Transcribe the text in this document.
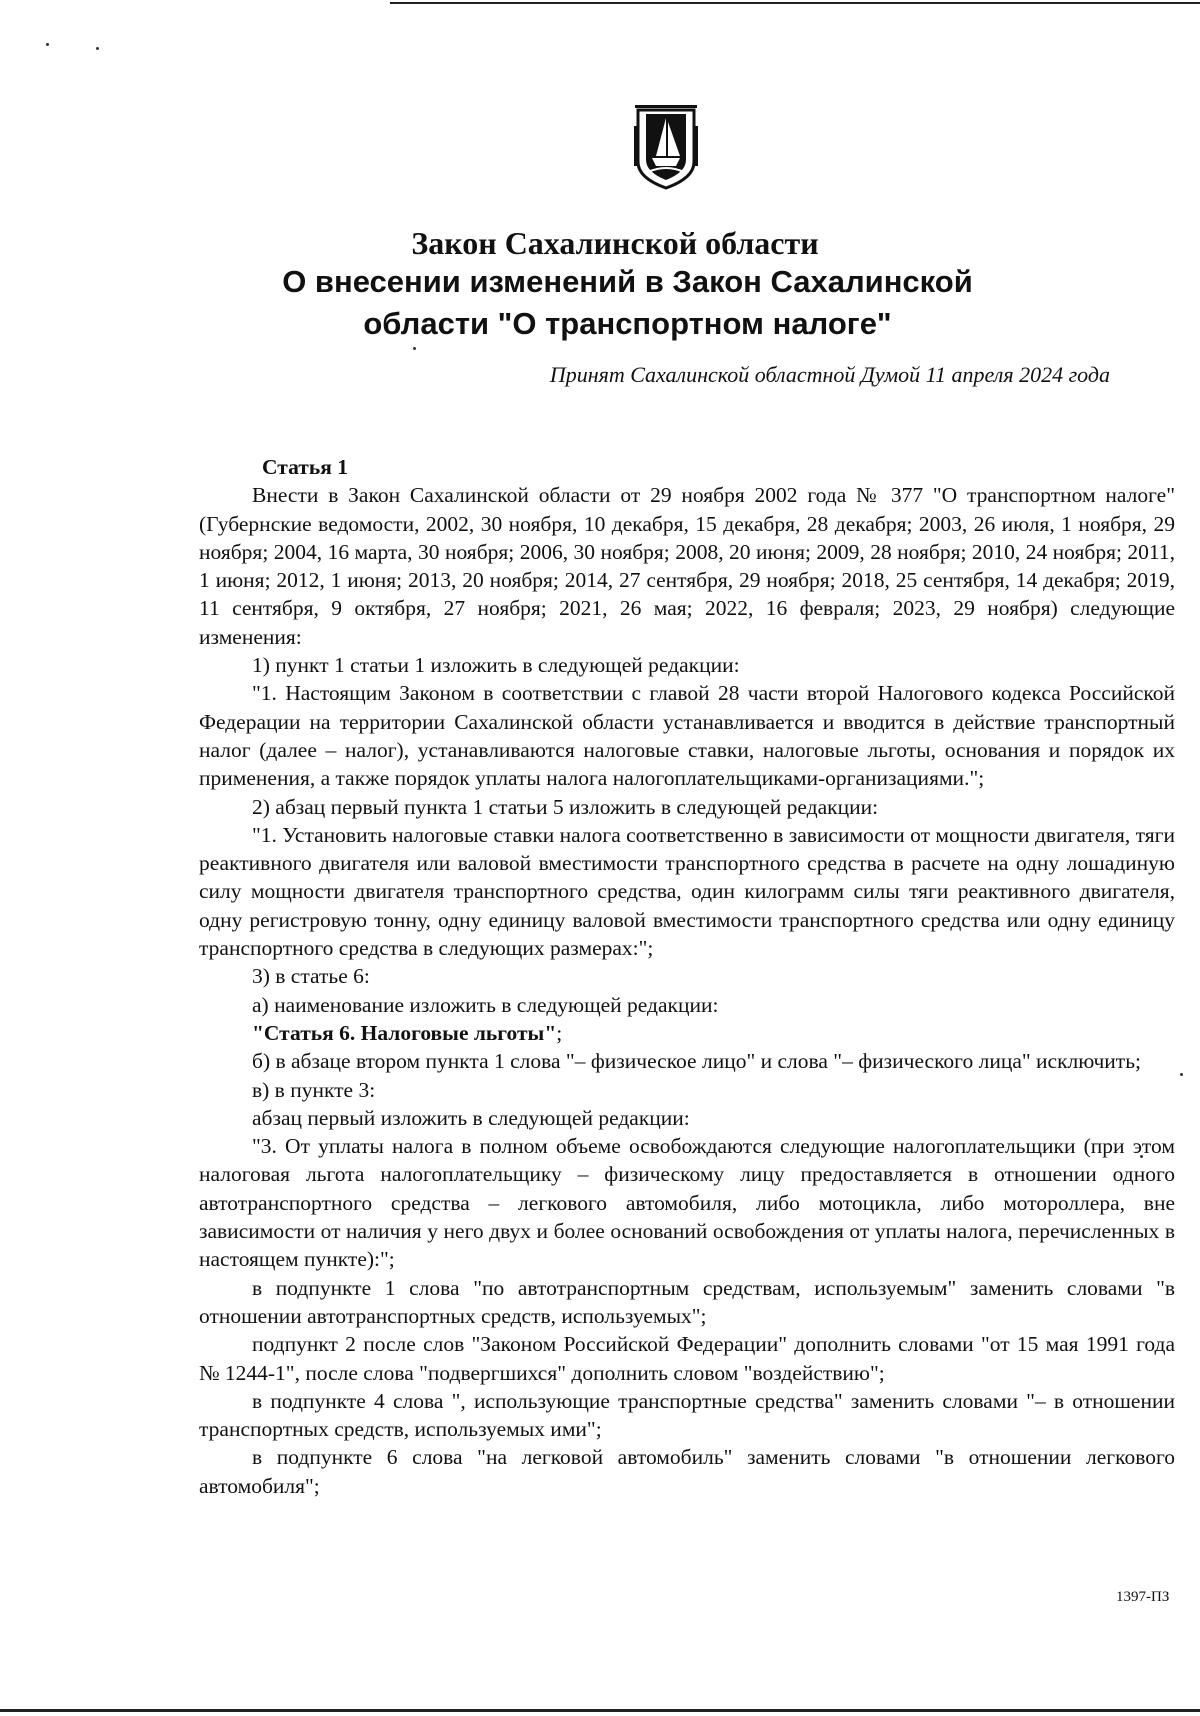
Закон Сахалинской области
О внесении изменений в Закон Сахалинской
области "О транспортном налоге"
Принят Сахалинской областной Думой 11 апреля 2024 года

Статья 1

Внести в Закон Сахалинской области от 29 ноября 2002 года № 377 "О транспортном налоге" (Губернские ведомости, 2002, 30 ноября, 10 декабря, 15 декабря, 28 декабря; 2003, 26 июля, 1 ноября, 29 ноября; 2004, 16 марта, 30 ноября; 2006, 30 ноября; 2008, 20 июня; 2009, 28 ноября; 2010, 24 ноября; 2011, 1 июня; 2012, 1 июня; 2013, 20 ноября; 2014, 27 сентября, 29 ноября; 2018, 25 сентября, 14 декабря; 2019, 11 сентября, 9 октября, 27 ноября; 2021, 26 мая; 2022, 16 февраля; 2023, 29 ноября) следующие изменения:

1) пункт 1 статьи 1 изложить в следующей редакции:

"1. Настоящим Законом в соответствии с главой 28 части второй Налогового кодекса Российской Федерации на территории Сахалинской области устанавливается и вводится в действие транспортный налог (далее – налог), устанавливаются налоговые ставки, налоговые льготы, основания и порядок их применения, а также порядок уплаты налога налогоплательщиками-организациями.";

2) абзац первый пункта 1 статьи 5 изложить в следующей редакции:

"1. Установить налоговые ставки налога соответственно в зависимости от мощности двигателя, тяги реактивного двигателя или валовой вместимости транспортного средства в расчете на одну лошадиную силу мощности двигателя транспортного средства, один килограмм силы тяги реактивного двигателя, одну регистровую тонну, одну единицу валовой вместимости транспортного средства или одну единицу транспортного средства в следующих размерах:";

3) в статье 6:

а) наименование изложить в следующей редакции:

"Статья 6. Налоговые льготы";

б) в абзаце втором пункта 1 слова "– физическое лицо" и слова "– физического лица" исключить;

в) в пункте 3:

абзац первый изложить в следующей редакции:

"3. От уплаты налога в полном объеме освобождаются следующие налогоплательщики (при этом налоговая льгота налогоплательщику – физическому лицу предоставляется в отношении одного автотранспортного средства – легкового автомобиля, либо мотоцикла, либо мотороллера, вне зависимости от наличия у него двух и более оснований освобождения от уплаты налога, перечисленных в настоящем пункте):";

в подпункте 1 слова "по автотранспортным средствам, используемым" заменить словами "в отношении автотранспортных средств, используемых";

подпункт 2 после слов "Законом Российской Федерации" дополнить словами "от 15 мая 1991 года № 1244-1", после слова "подвергшихся" дополнить словом "воздействию";

в подпункте 4 слова ", использующие транспортные средства" заменить словами "– в отношении транспортных средств, используемых ими";

в подпункте 6 слова "на легковой автомобиль" заменить словами "в отношении легкового автомобиля";

1397-ПЗ
